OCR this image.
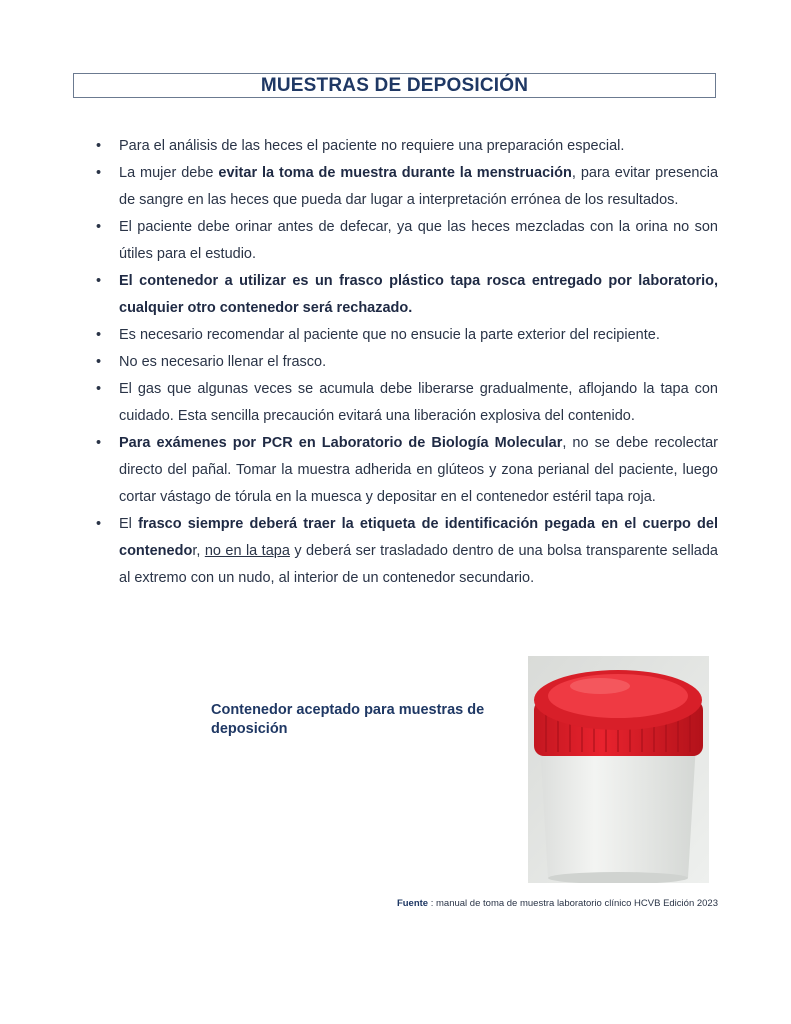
MUESTRAS DE DEPOSICIÓN
• Para el análisis de las heces el paciente no requiere una preparación especial.
• La mujer debe evitar la toma de muestra durante la menstruación, para evitar presencia de sangre en las heces que pueda dar lugar a interpretación errónea de los resultados.
• El paciente debe orinar antes de defecar, ya que las heces mezcladas con la orina no son útiles para el estudio.
• El contenedor a utilizar es un frasco plástico tapa rosca entregado por laboratorio, cualquier otro contenedor será rechazado.
• Es necesario recomendar al paciente que no ensucie la parte exterior del recipiente.
• No es necesario llenar el frasco.
• El gas que algunas veces se acumula debe liberarse gradualmente, aflojando la tapa con cuidado. Esta sencilla precaución evitará una liberación explosiva del contenido.
• Para exámenes por PCR en Laboratorio de Biología Molecular, no se debe recolectar directo del pañal. Tomar la muestra adherida en glúteos y zona perianal del paciente, luego cortar vástago de tórula en la muesca y depositar en el contenedor estéril tapa roja.
• El frasco siempre deberá traer la etiqueta de identificación pegada en el cuerpo del contenedor, no en la tapa y deberá ser trasladado dentro de una bolsa transparente sellada al extremo con un nudo, al interior de un contenedor secundario.
Contenedor aceptado para muestras de deposición
Fuente : manual de toma de muestra laboratorio clínico HCVB Edición 2023
